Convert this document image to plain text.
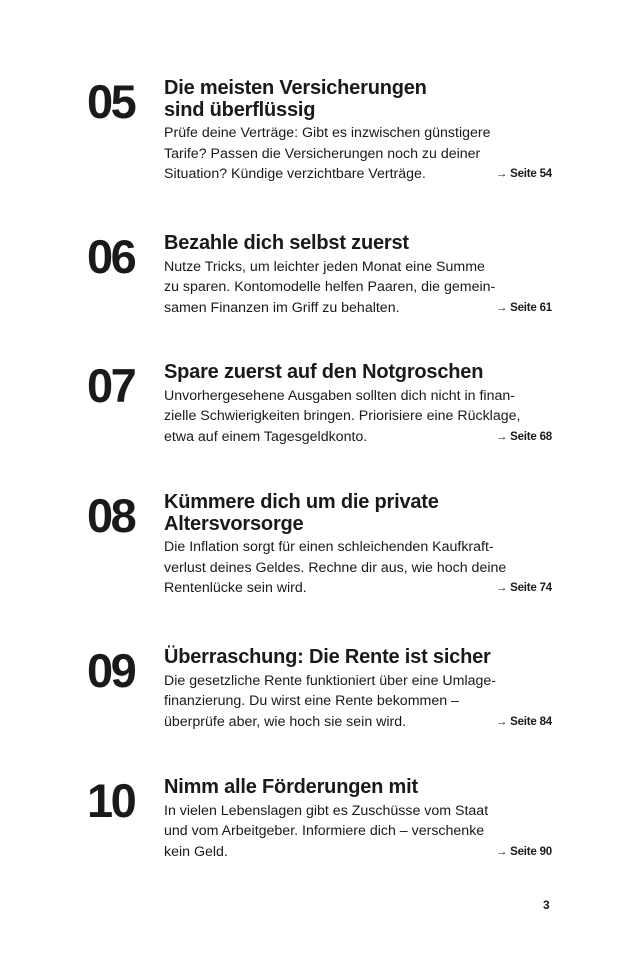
05 Die meisten Versicherungen
sind überflüssig

Prüfe deine Verträge: Gibt es inzwischen günstigere
Tarife? Passen die Versicherungen noch zu deiner
Situation? Kündige verzichtbare Verträge.	→ Seite 54

06 Bezahle dich selbst zuerst

Nutze Tricks, um leichter jeden Monat eine Summe
zu sparen. Kontomodelle helfen Paaren, die gemein-
samen Finanzen im Griff zu behalten.	→ Seite 61

07 Spare zuerst auf den Notgroschen

Unvorhergesehene Ausgaben sollten dich nicht in finan-
zielle Schwierigkeiten bringen. Priorisiere eine Rücklage,
etwa auf einem Tagesgeldkonto.	→ Seite 68

08 Kümmere dich um die private
Altersvorsorge

Die Inflation sorgt für einen schleichenden Kaufkraft-
verlust deines Geldes. Rechne dir aus, wie hoch deine
Rentenlücke sein wird.	→ Seite 74

09 Überraschung: Die Rente ist sicher

Die gesetzliche Rente funktioniert über eine Umlage-
finanzierung. Du wirst eine Rente bekommen –
überprüfe aber, wie hoch sie sein wird.	→ Seite 84

10 Nimm alle Förderungen mit

In vielen Lebenslagen gibt es Zuschüsse vom Staat
und vom Arbeitgeber. Informiere dich – verschenke
kein Geld.	→ Seite 90

3
